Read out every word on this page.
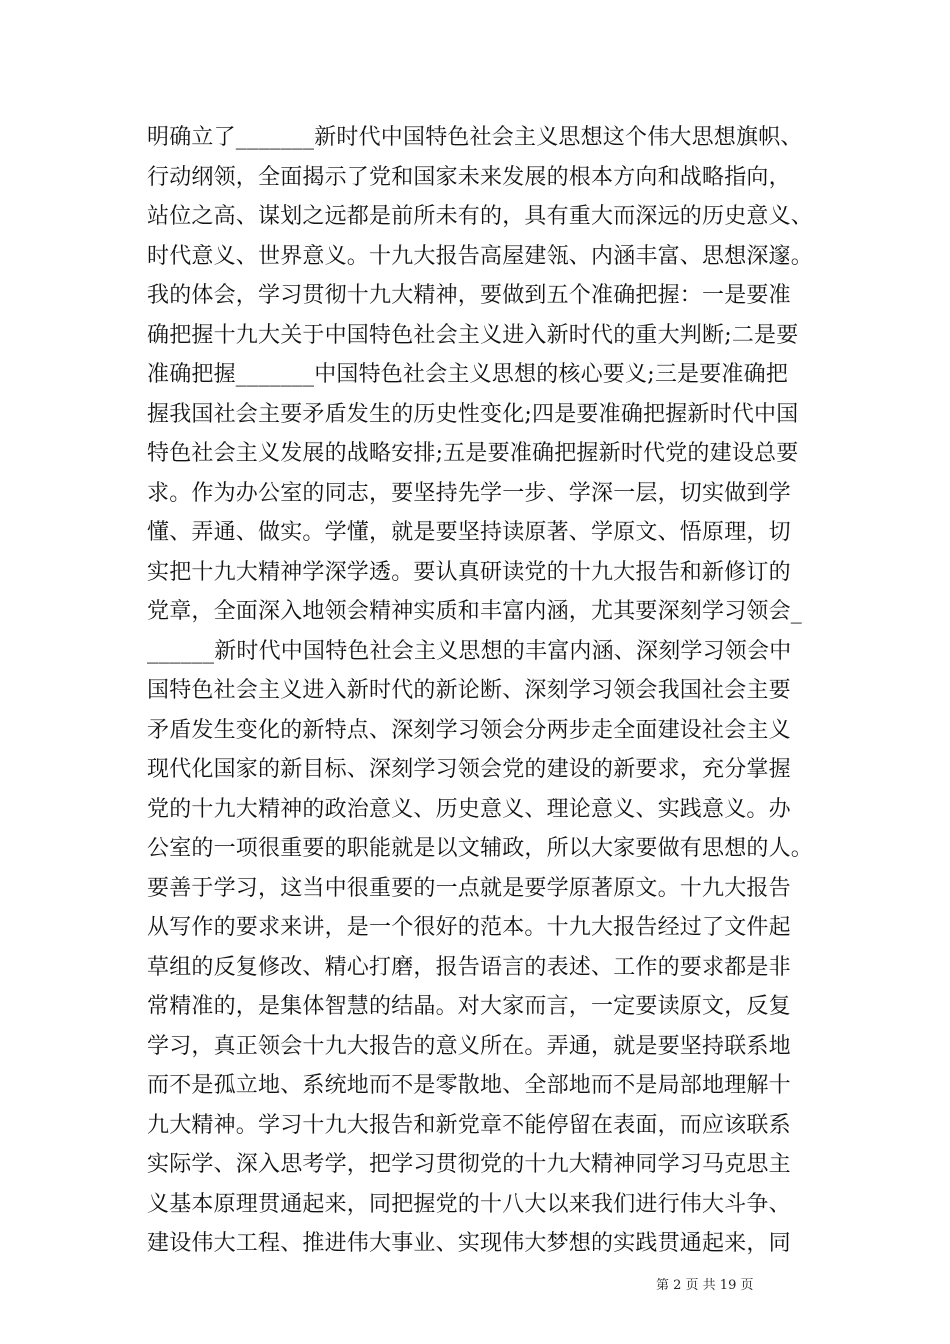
明确立了_______新时代中国特色社会主义思想这个伟大思想旗帜、
行动纲领，全面揭示了党和国家未来发展的根本方向和战略指向，
站位之高、谋划之远都是前所未有的，具有重大而深远的历史意义、
时代意义、世界意义。十九大报告高屋建瓴、内涵丰富、思想深邃。
我的体会，学习贯彻十九大精神，要做到五个准确把握：一是要准
确把握十九大关于中国特色社会主义进入新时代的重大判断;二是要
准确把握_______中国特色社会主义思想的核心要义;三是要准确把
握我国社会主要矛盾发生的历史性变化;四是要准确把握新时代中国
特色社会主义发展的战略安排;五是要准确把握新时代党的建设总要
求。作为办公室的同志，要坚持先学一步、学深一层，切实做到学
懂、弄通、做实。学懂，就是要坚持读原著、学原文、悟原理，切
实把十九大精神学深学透。要认真研读党的十九大报告和新修订的
党章，全面深入地领会精神实质和丰富内涵，尤其要深刻学习领会_
______新时代中国特色社会主义思想的丰富内涵、深刻学习领会中
国特色社会主义进入新时代的新论断、深刻学习领会我国社会主要
矛盾发生变化的新特点、深刻学习领会分两步走全面建设社会主义
现代化国家的新目标、深刻学习领会党的建设的新要求，充分掌握
党的十九大精神的政治意义、历史意义、理论意义、实践意义。办
公室的一项很重要的职能就是以文辅政，所以大家要做有思想的人。
要善于学习，这当中很重要的一点就是要学原著原文。十九大报告
从写作的要求来讲，是一个很好的范本。十九大报告经过了文件起
草组的反复修改、精心打磨，报告语言的表述、工作的要求都是非
常精准的，是集体智慧的结晶。对大家而言，一定要读原文，反复
学习，真正领会十九大报告的意义所在。弄通，就是要坚持联系地
而不是孤立地、系统地而不是零散地、全部地而不是局部地理解十
九大精神。学习十九大报告和新党章不能停留在表面，而应该联系
实际学、深入思考学，把学习贯彻党的十九大精神同学习马克思主
义基本原理贯通起来，同把握党的十八大以来我们进行伟大斗争、
建设伟大工程、推进伟大事业、实现伟大梦想的实践贯通起来，同
第 2 页 共 19 页
